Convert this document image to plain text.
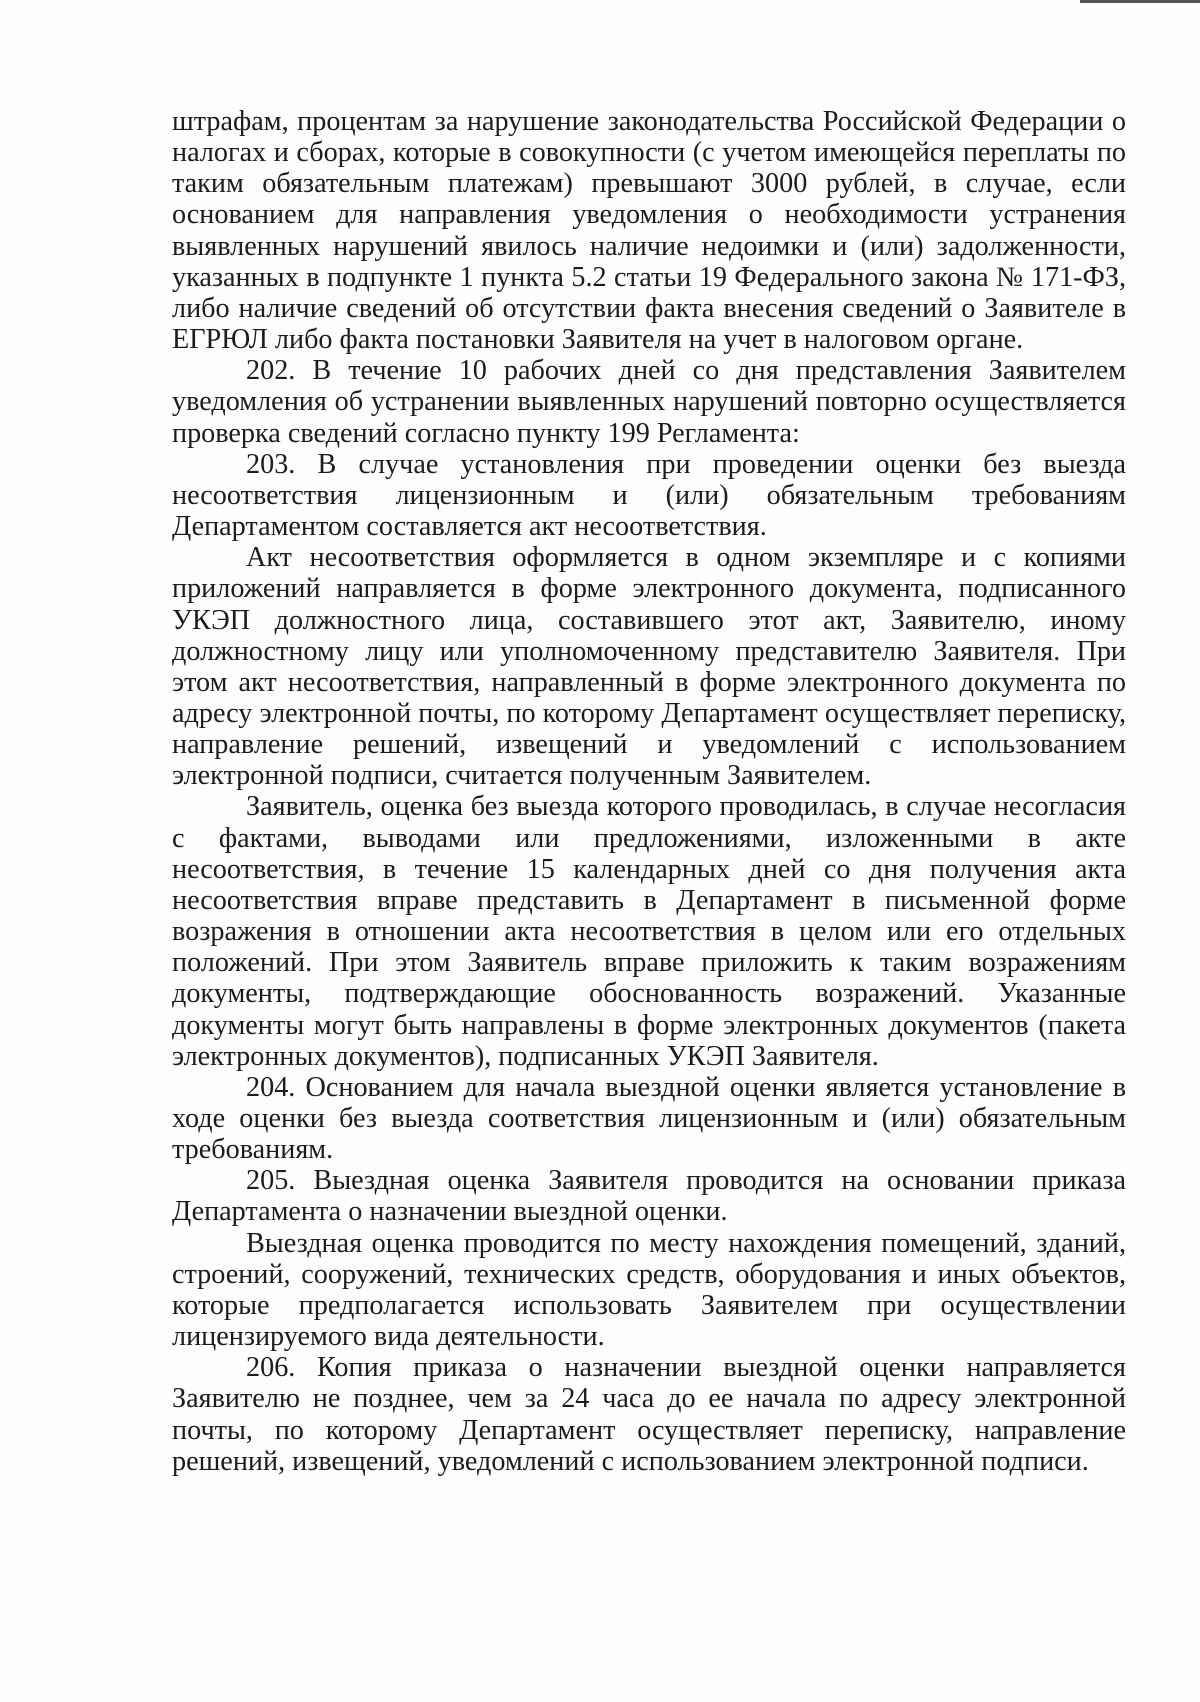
штрафам, процентам за нарушение законодательства Российской Федерации о налогах и сборах, которые в совокупности (с учетом имеющейся переплаты по таким обязательным платежам) превышают 3000 рублей, в случае, если основанием для направления уведомления о необходимости устранения выявленных нарушений явилось наличие недоимки и (или) задолженности, указанных в подпункте 1 пункта 5.2 статьи 19 Федерального закона № 171-ФЗ, либо наличие сведений об отсутствии факта внесения сведений о Заявителе в ЕГРЮЛ либо факта постановки Заявителя на учет в налоговом органе.

202. В течение 10 рабочих дней со дня представления Заявителем уведомления об устранении выявленных нарушений повторно осуществляется проверка сведений согласно пункту 199 Регламента:

203. В случае установления при проведении оценки без выезда несоответствия лицензионным и (или) обязательным требованиям Департаментом составляется акт несоответствия.

Акт несоответствия оформляется в одном экземпляре и с копиями приложений направляется в форме электронного документа, подписанного УКЭП должностного лица, составившего этот акт, Заявителю, иному должностному лицу или уполномоченному представителю Заявителя. При этом акт несоответствия, направленный в форме электронного документа по адресу электронной почты, по которому Департамент осуществляет переписку, направление решений, извещений и уведомлений с использованием электронной подписи, считается полученным Заявителем.

Заявитель, оценка без выезда которого проводилась, в случае несогласия с фактами, выводами или предложениями, изложенными в акте несоответствия, в течение 15 календарных дней со дня получения акта несоответствия вправе представить в Департамент в письменной форме возражения в отношении акта несоответствия в целом или его отдельных положений. При этом Заявитель вправе приложить к таким возражениям документы, подтверждающие обоснованность возражений. Указанные документы могут быть направлены в форме электронных документов (пакета электронных документов), подписанных УКЭП Заявителя.

204. Основанием для начала выездной оценки является установление в ходе оценки без выезда соответствия лицензионным и (или) обязательным требованиям.

205. Выездная оценка Заявителя проводится на основании приказа Департамента о назначении выездной оценки.

Выездная оценка проводится по месту нахождения помещений, зданий, строений, сооружений, технических средств, оборудования и иных объектов, которые предполагается использовать Заявителем при осуществлении лицензируемого вида деятельности.

206. Копия приказа о назначении выездной оценки направляется Заявителю не позднее, чем за 24 часа до ее начала по адресу электронной почты, по которому Департамент осуществляет переписку, направление решений, извещений, уведомлений с использованием электронной подписи.
